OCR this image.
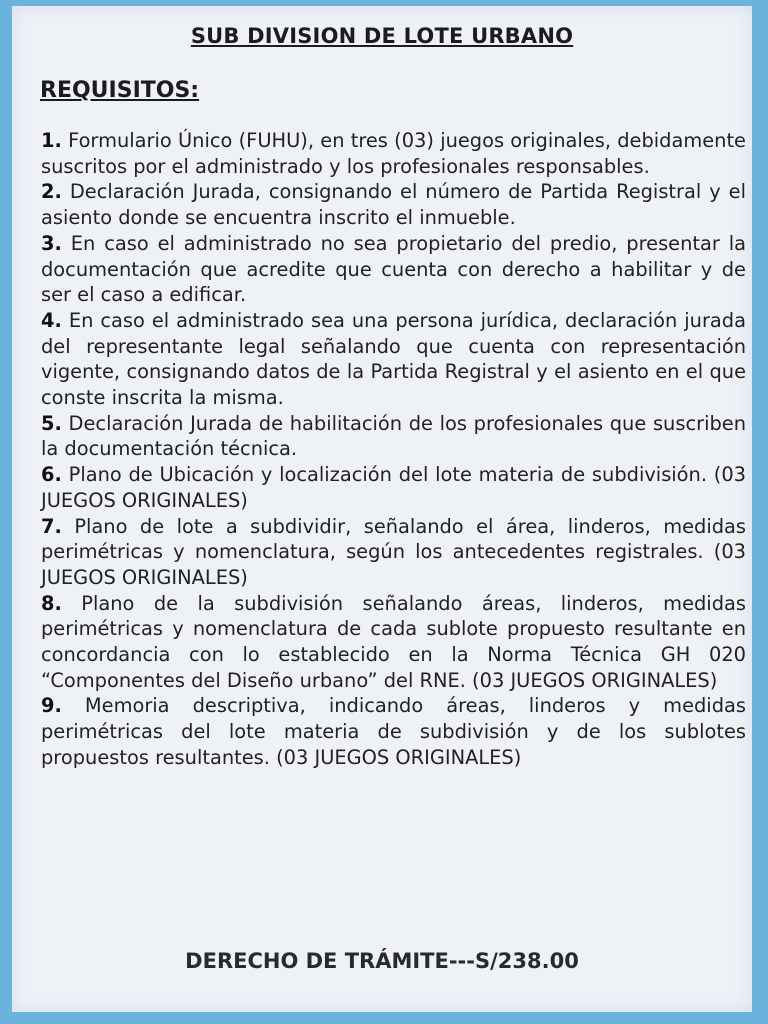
SUB DIVISION DE LOTE URBANO
REQUISITOS:
1. Formulario Único (FUHU), en tres (03) juegos originales, debidamente suscritos por el administrado y los profesionales responsables.
2. Declaración Jurada, consignando el número de Partida Registral y el asiento donde se encuentra inscrito el inmueble.
3. En caso el administrado no sea propietario del predio, presentar la documentación que acredite que cuenta con derecho a habilitar y de ser el caso a edificar.
4. En caso el administrado sea una persona jurídica, declaración jurada del representante legal señalando que cuenta con representación vigente, consignando datos de la Partida Registral y el asiento en el que conste inscrita la misma.
5. Declaración Jurada de habilitación de los profesionales que suscriben la documentación técnica.
6. Plano de Ubicación y localización del lote materia de subdivisión. (03 JUEGOS ORIGINALES)
7. Plano de lote a subdividir, señalando el área, linderos, medidas perimétricas y nomenclatura, según los antecedentes registrales. (03 JUEGOS ORIGINALES)
8. Plano de la subdivisión señalando áreas, linderos, medidas perimétricas y nomenclatura de cada sublote propuesto resultante en concordancia con lo establecido en la Norma Técnica GH 020 “Componentes del Diseño urbano” del RNE. (03 JUEGOS ORIGINALES)
9. Memoria descriptiva, indicando áreas, linderos y medidas perimétricas del lote materia de subdivisión y de los sublotes propuestos resultantes. (03 JUEGOS ORIGINALES)
DERECHO DE TRÁMITE---S/238.00
